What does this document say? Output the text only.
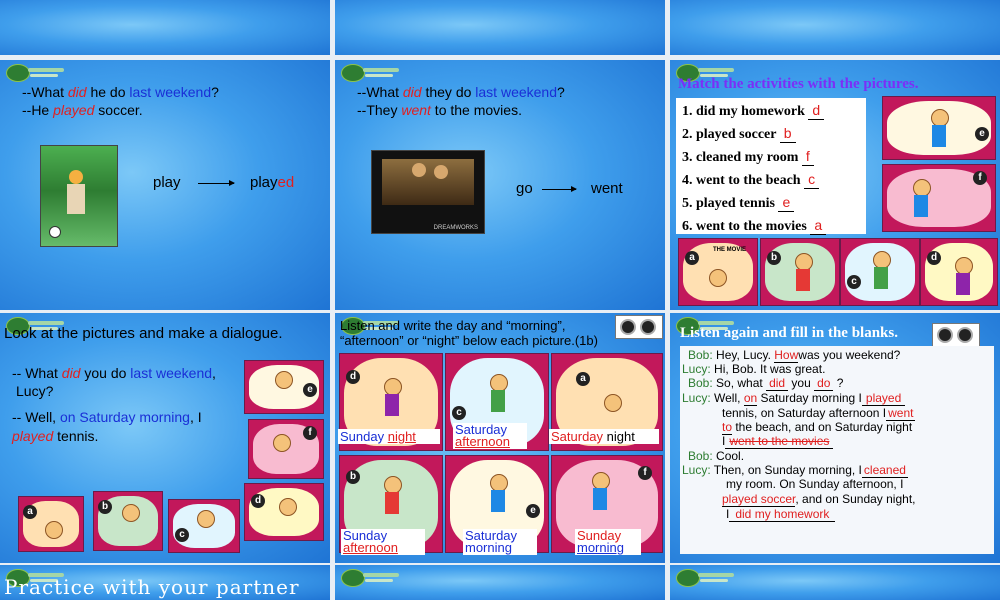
--What did he do last weekend?
--He played soccer.
play	played
--What did they do last weekend?
--They went to the movies.
DREAMWORKS
go	went
Match the activities with the pictures.
1. did my homework d
2. played soccer b
3. cleaned my room f
4. went to the beach c
5. played tennis e
6. went to the movies a
e
f
a
THE MOVIE
b
c
d
Look at the pictures and make a dialogue.
-- What did you do last weekend,
Lucy?
-- Well, on Saturday morning, I
played tennis.
e
f
d
a	b
c
Listen and write the day and “morning”,
“afternoon” or “night” below each picture.(1b)
d
Sunday night
c
Saturday
afternoon
a
Saturday night
b
Sunday
afternoon
e
Saturday
morning
f
Sunday
morning
Listen again and fill in the blanks.
Bob: Hey, Lucy. Howwas you weekend?
Lucy: Hi, Bob. It was great.
Bob: So, what did you do ?
Lucy: Well, on Saturday morning I played
tennis, on Saturday afternoon I went
to the beach, and on Saturday night
I went to the movies
Bob: Cool.
Lucy: Then, on Sunday morning, I cleaned
my room. On Sunday afternoon, I
played soccer, and on Sunday night,
I did my homework
Practice with your partner
